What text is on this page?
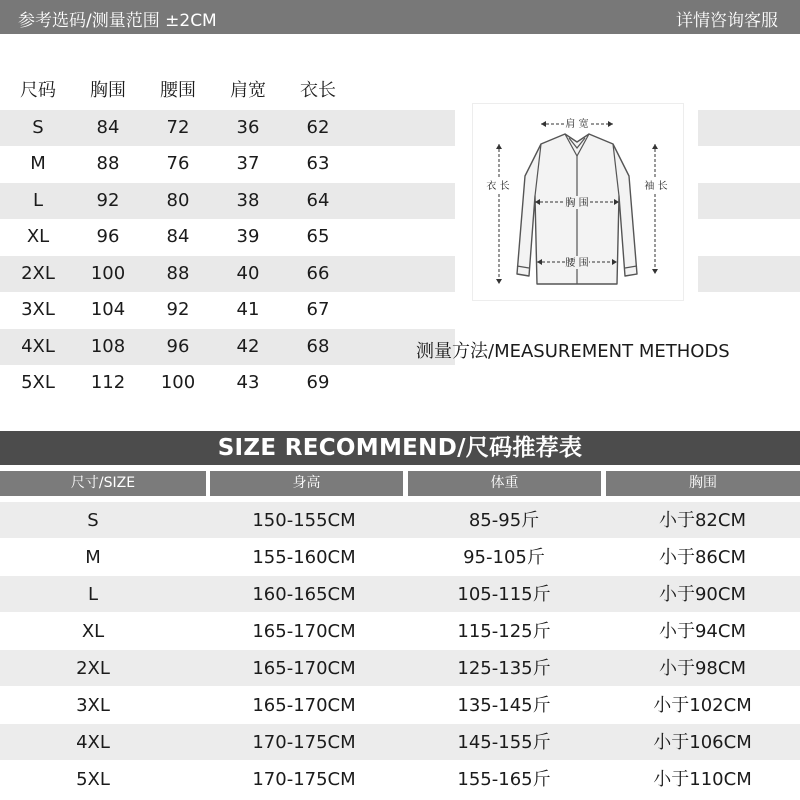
参考选码/测量范围 ±2CM	详情咨询客服
尺码	胸围	腰围	肩宽	衣长
S	84	72	36	62
M	88	76	37	63
L	92	80	38	64
XL	96	84	39	65
2XL	100	88	40	66
3XL	104	92	41	67
4XL	108	96	42	68
5XL	112	100	43	69
肩 宽
衣 长	袖 长
胸 围
腰 围
测量方法/MEASUREMENT METHODS
SIZE RECOMMEND/尺码推荐表
尺寸/SIZE	身高	体重	胸围
S	150-155CM	85-95斤	小于82CM
M	155-160CM	95-105斤	小于86CM
L	160-165CM	105-115斤	小于90CM
XL	165-170CM	115-125斤	小于94CM
2XL	165-170CM	125-135斤	小于98CM
3XL	165-170CM	135-145斤	小于102CM
4XL	170-175CM	145-155斤	小于106CM
5XL	170-175CM	155-165斤	小于110CM
